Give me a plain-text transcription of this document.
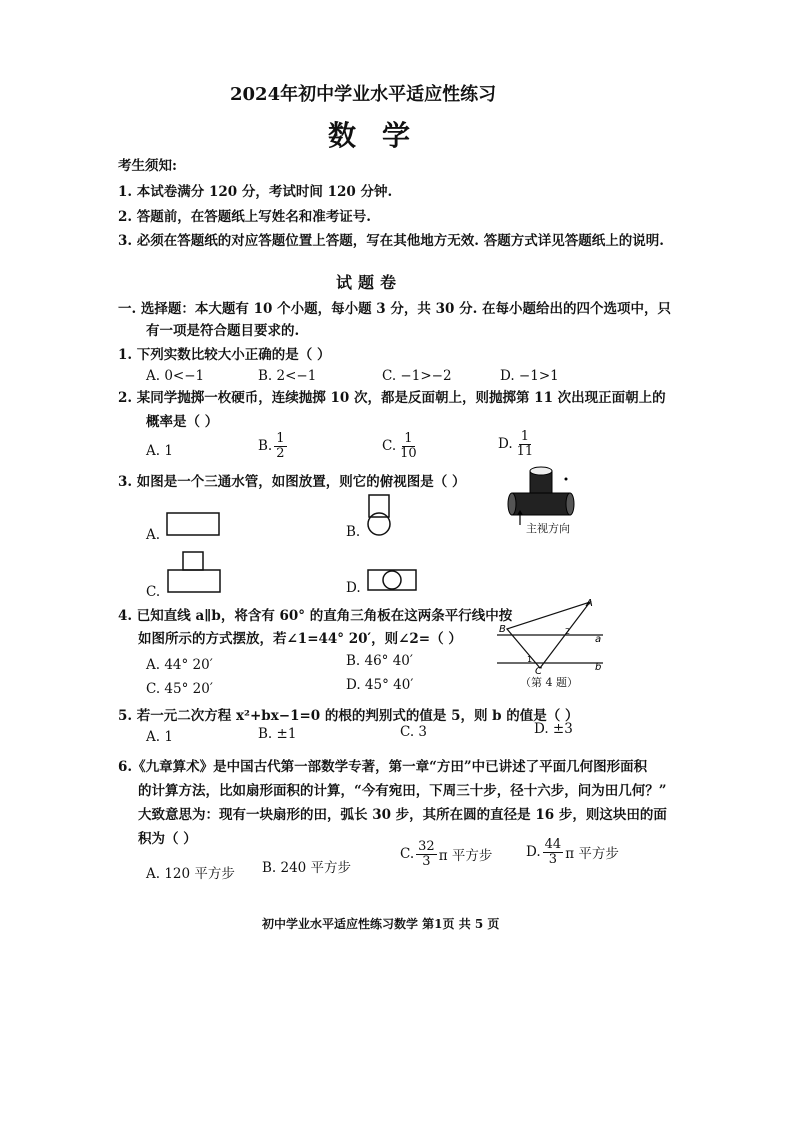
2024年初中学业水平适应性练习
数学
考生须知:
1. 本试卷满分 120 分，考试时间 120 分钟.
2. 答题前，在答题纸上写姓名和准考证号.
3. 必须在答题纸的对应答题位置上答题，写在其他地方无效. 答题方式详见答题纸上的说明.
试题卷
一. 选择题：本大题有 10 个小题，每小题 3 分，共 30 分. 在每小题给出的四个选项中，只
有一项是符合题目要求的.
1. 下列实数比较大小正确的是（ ）
A. 0<−1	B. 2<−1	C. −1>−2	D. −1>1
2. 某同学抛掷一枚硬币，连续抛掷 10 次，都是反面朝上，则抛掷第 11 次出现正面朝上的
概率是（ ）
A. 1	B. $\frac{1}{2}$	C. $\frac{1}{10}$	D. $\frac{1}{11}$
3. 如图是一个三通水管，如图放置，则它的俯视图是（ ）
A.	B.
C.	D.
主视方向
4. 已知直线 a∥b，将含有 60° 的直角三角板在这两条平行线中按
如图所示的方式摆放，若∠1=44° 20′，则∠2=（ ）
A. 44° 20′	B. 46° 40′
C. 45° 20′	D. 45° 40′
A
B
C
a
b
1
2
（第 4 题）
5. 若一元二次方程 x²+bx−1=0 的根的判别式的值是 5，则 b 的值是（ ）
A. 1	B. ±1	C. 3	D. ±3
6.《九章算术》是中国古代第一部数学专著，第一章“方田”中已讲述了平面几何图形面积
的计算方法，比如扇形面积的计算，“今有宛田，下周三十步，径十六步，问为田几何？”
大致意思为：现有一块扇形的田，弧长 30 步，其所在圆的直径是 16 步，则这块田的面
积为（ ）
A. 120 平方步 B. 240 平方步
C. $\frac{32}{3}$ π 平方步 D. $\frac{44}{3}$ π 平方步
初中学业水平适应性练习数学 第1页 共 5 页
